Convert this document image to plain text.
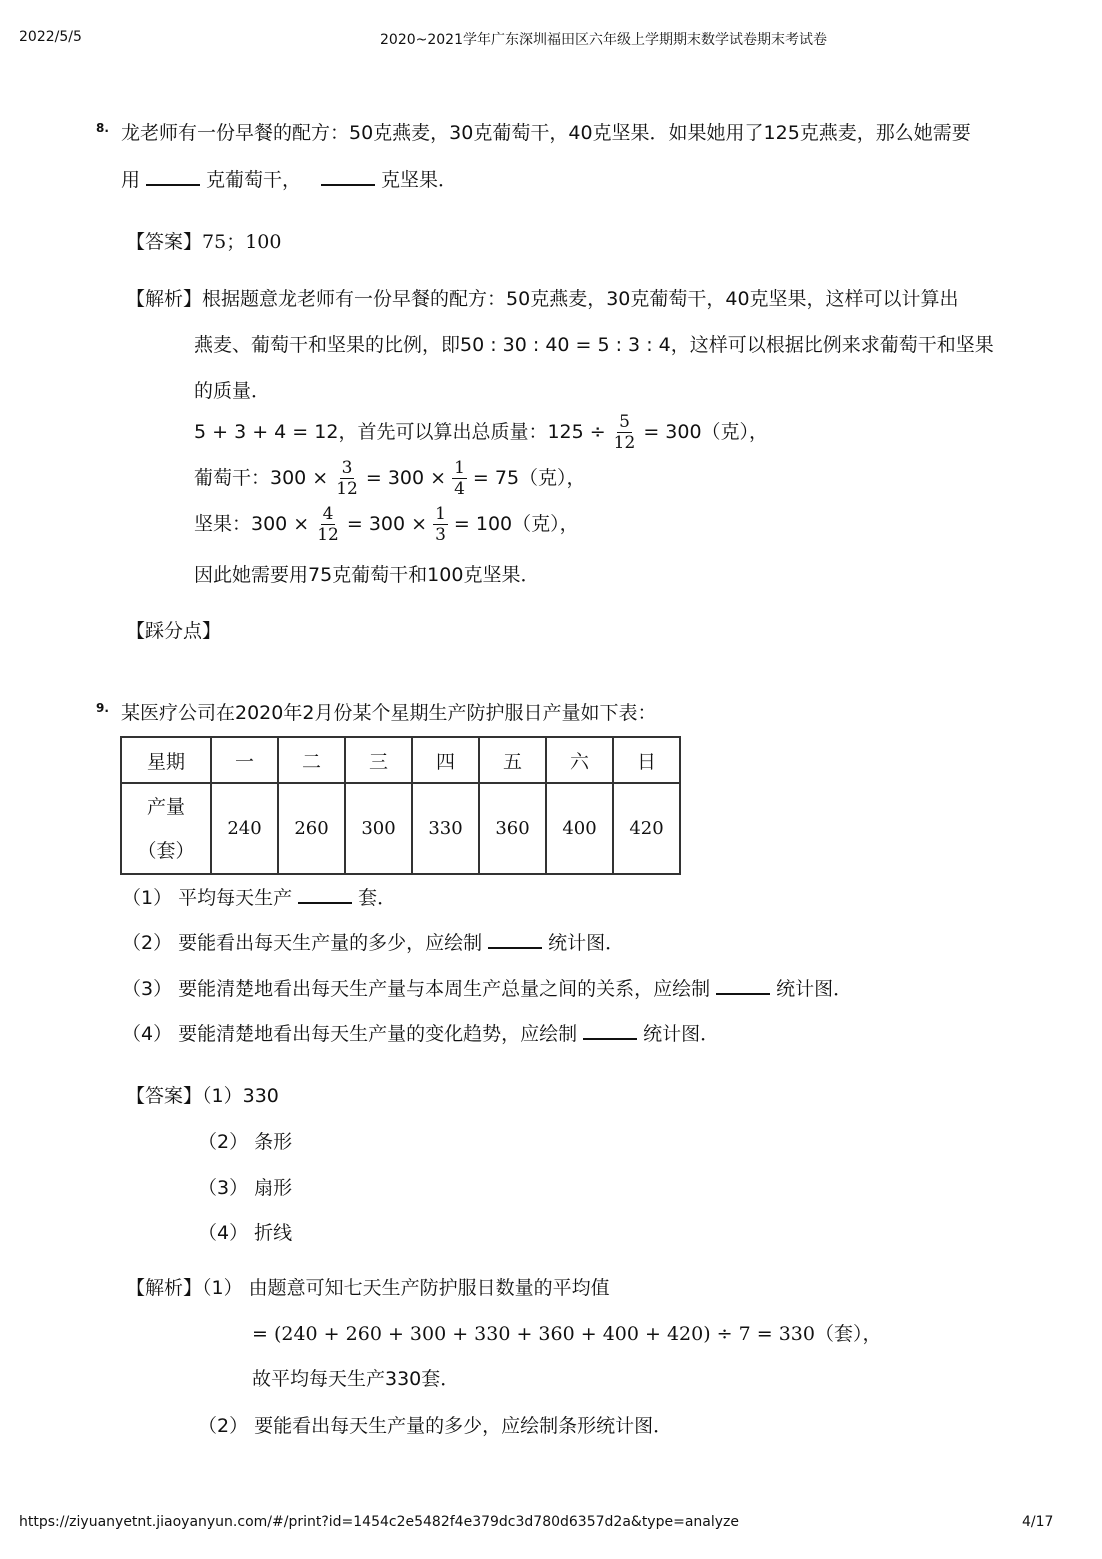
2022/5/5	2020~2021学年广东深圳福田区六年级上学期期末数学试卷期末考试卷
8. 龙老师有一份早餐的配方：50克燕麦，30克葡萄干，40克坚果．如果她用了125克燕麦，那么她需要
用	克葡萄干，	克坚果．
【答案】75；100
【解析】根据题意龙老师有一份早餐的配方：50克燕麦，30克葡萄干，40克坚果，这样可以计算出
燕麦、葡萄干和坚果的比例，即50 : 30 : 40 = 5 : 3 : 4，这样可以根据比例来求葡萄干和坚果
的质量．
5 + 3 + 4 = 12，首先可以算出总质量：$125 \div \frac{5}{12} = 300$（克），
葡萄干：$300 \times \frac{3}{12} = 300 \times \frac{1}{4} = 75$（克），
坚果：$300 \times \frac{4}{12} = 300 \times \frac{1}{3} = 100$（克），
因此她需要用75克葡萄干和100克坚果．
【踩分点】
9. 某医疗公司在2020年2月份某个星期生产防护服日产量如下表：
星期	一	二	三	四	五	六	日

产量
（套）	240	260	300	330	360	400	420
（1） 平均每天生产	套．
（2） 要能看出每天生产量的多少，应绘制	统计图．
（3） 要能清楚地看出每天生产量与本周生产总量之间的关系，应绘制	统计图．
（4） 要能清楚地看出每天生产量的变化趋势，应绘制	统计图．
【答案】（1）330
（2） 条形
（3） 扇形
（4） 折线
【解析】（1） 由题意可知七天生产防护服日数量的平均值
= (240 + 260 + 300 + 330 + 360 + 400 + 420) ÷ 7 = 330（套），
故平均每天生产330套．
（2） 要能看出每天生产量的多少，应绘制条形统计图．
https://ziyuanyetnt.jiaoyanyun.com/#/print?id=1454c2e5482f4e379dc3d780d6357d2a&type=analyze	4/17
